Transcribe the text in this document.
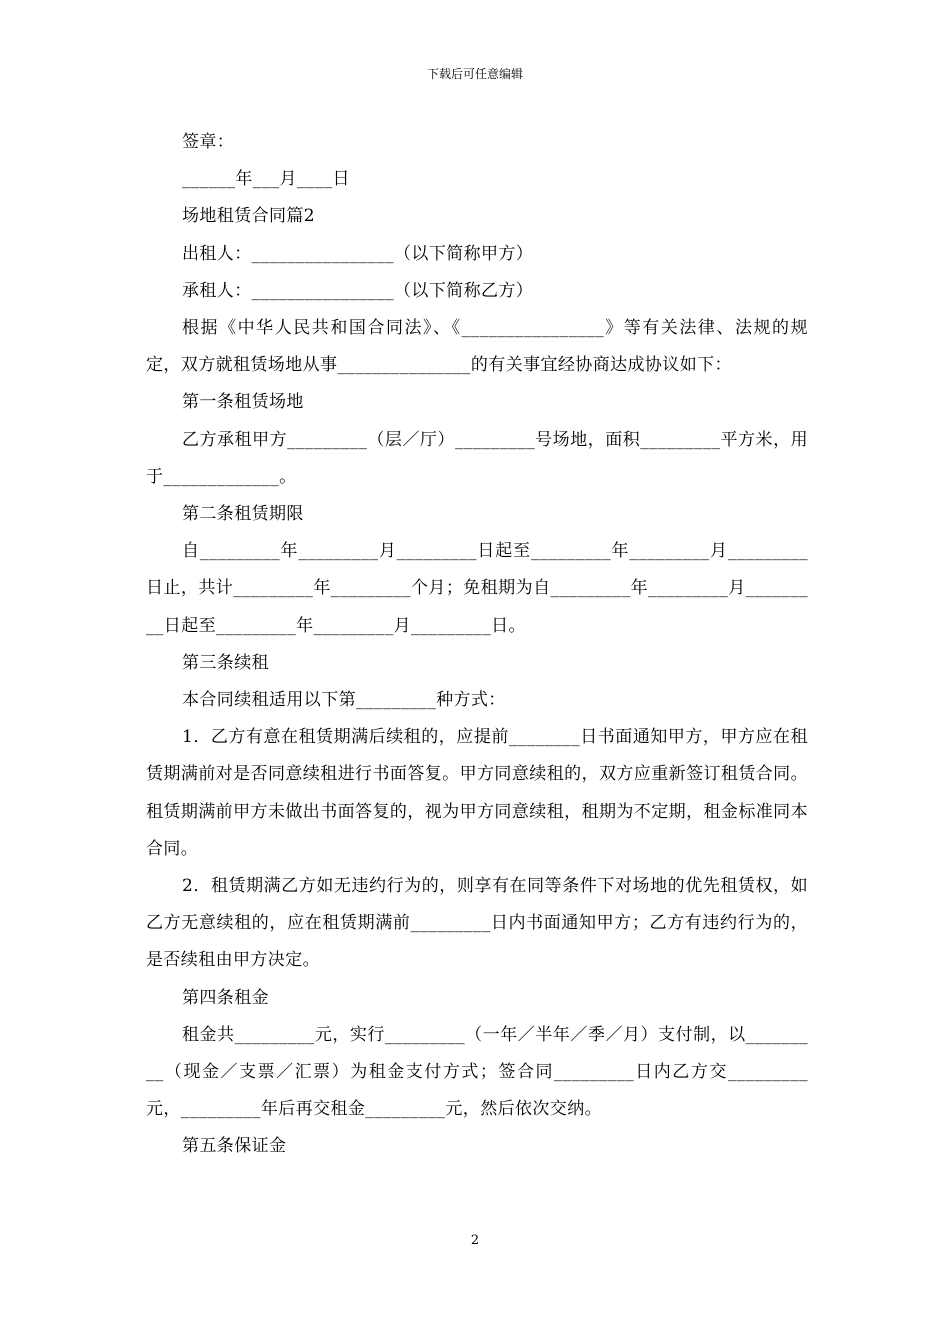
下载后可任意编辑

签章：

______年___月____日

场地租赁合同篇2

出租人：________________（以下简称甲方）

承租人：________________（以下简称乙方）

根据《中华人民共和国合同法》、《________________》等有关法律、法规的规定，双方就租赁场地从事_______________的有关事宜经协商达成协议如下：

第一条租赁场地

乙方承租甲方_________（层／厅）_________号场地，面积_________平方米，用于_____________。

第二条租赁期限

自_________年_________月_________日起至_________年_________月_________日止，共计_________年_________个月；免租期为自_________年_________月_________日起至_________年_________月_________日。

第三条续租

本合同续租适用以下第_________种方式：

1．乙方有意在租赁期满后续租的，应提前________日书面通知甲方，甲方应在租赁期满前对是否同意续租进行书面答复。甲方同意续租的，双方应重新签订租赁合同。租赁期满前甲方未做出书面答复的，视为甲方同意续租，租期为不定期，租金标准同本合同。

2．租赁期满乙方如无违约行为的，则享有在同等条件下对场地的优先租赁权，如乙方无意续租的，应在租赁期满前_________日内书面通知甲方；乙方有违约行为的，是否续租由甲方决定。

第四条租金

租金共_________元，实行_________（一年／半年／季／月）支付制，以_________（现金／支票／汇票）为租金支付方式；签合同_________日内乙方交_________元，_________年后再交租金_________元，然后依次交纳。

第五条保证金

2
